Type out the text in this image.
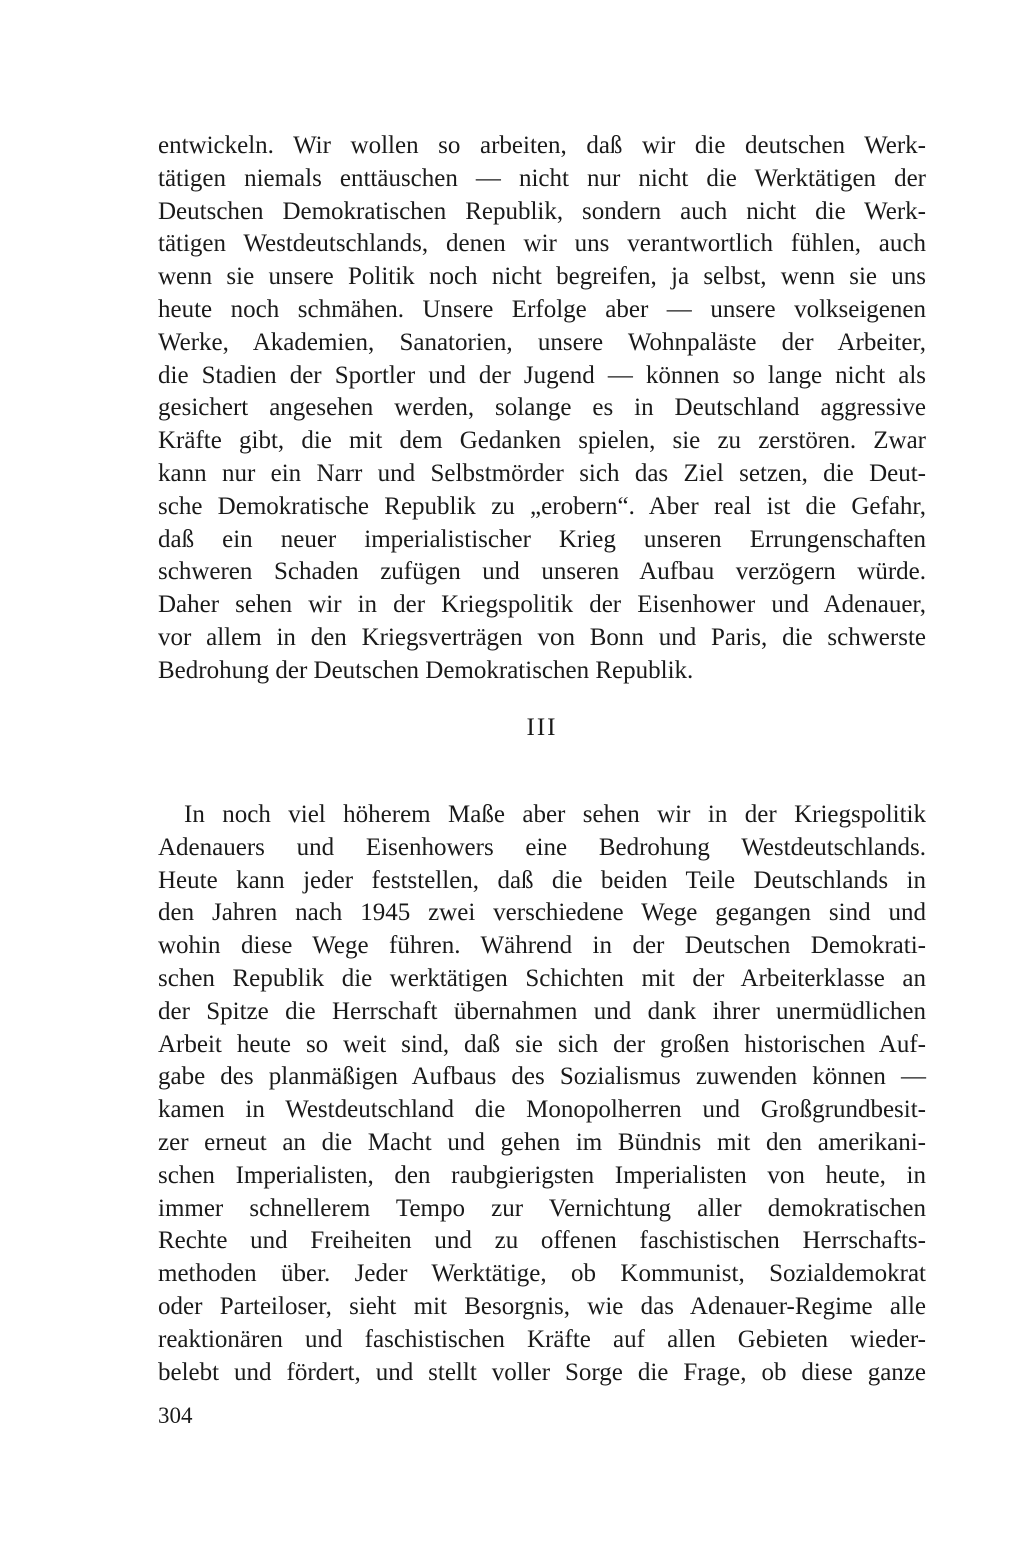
entwickeln. Wir wollen so arbeiten, daß wir die deutschen Werk-
tätigen niemals enttäuschen — nicht nur nicht die Werktätigen der
Deutschen Demokratischen Republik, sondern auch nicht die Werk-
tätigen Westdeutschlands, denen wir uns verantwortlich fühlen, auch
wenn sie unsere Politik noch nicht begreifen, ja selbst, wenn sie uns
heute noch schmähen. Unsere Erfolge aber — unsere volkseigenen
Werke, Akademien, Sanatorien, unsere Wohnpaläste der Arbeiter,
die Stadien der Sportler und der Jugend — können so lange nicht als
gesichert angesehen werden, solange es in Deutschland aggressive
Kräfte gibt, die mit dem Gedanken spielen, sie zu zerstören. Zwar
kann nur ein Narr und Selbstmörder sich das Ziel setzen, die Deut-
sche Demokratische Republik zu „erobern“. Aber real ist die Gefahr,
daß ein neuer imperialistischer Krieg unseren Errungenschaften
schweren Schaden zufügen und unseren Aufbau verzögern würde.
Daher sehen wir in der Kriegspolitik der Eisenhower und Adenauer,
vor allem in den Kriegsverträgen von Bonn und Paris, die schwerste
Bedrohung der Deutschen Demokratischen Republik.
III
In noch viel höherem Maße aber sehen wir in der Kriegspolitik
Adenauers und Eisenhowers eine Bedrohung Westdeutschlands.
Heute kann jeder feststellen, daß die beiden Teile Deutschlands in
den Jahren nach 1945 zwei verschiedene Wege gegangen sind und
wohin diese Wege führen. Während in der Deutschen Demokrati-
schen Republik die werktätigen Schichten mit der Arbeiterklasse an
der Spitze die Herrschaft übernahmen und dank ihrer unermüdlichen
Arbeit heute so weit sind, daß sie sich der großen historischen Auf-
gabe des planmäßigen Aufbaus des Sozialismus zuwenden können —
kamen in Westdeutschland die Monopolherren und Großgrundbesit-
zer erneut an die Macht und gehen im Bündnis mit den amerikani-
schen Imperialisten, den raubgierigsten Imperialisten von heute, in
immer schnellerem Tempo zur Vernichtung aller demokratischen
Rechte und Freiheiten und zu offenen faschistischen Herrschafts-
methoden über. Jeder Werktätige, ob Kommunist, Sozialdemokrat
oder Parteiloser, sieht mit Besorgnis, wie das Adenauer-Regime alle
reaktionären und faschistischen Kräfte auf allen Gebieten wieder-
belebt und fördert, und stellt voller Sorge die Frage, ob diese ganze
304
